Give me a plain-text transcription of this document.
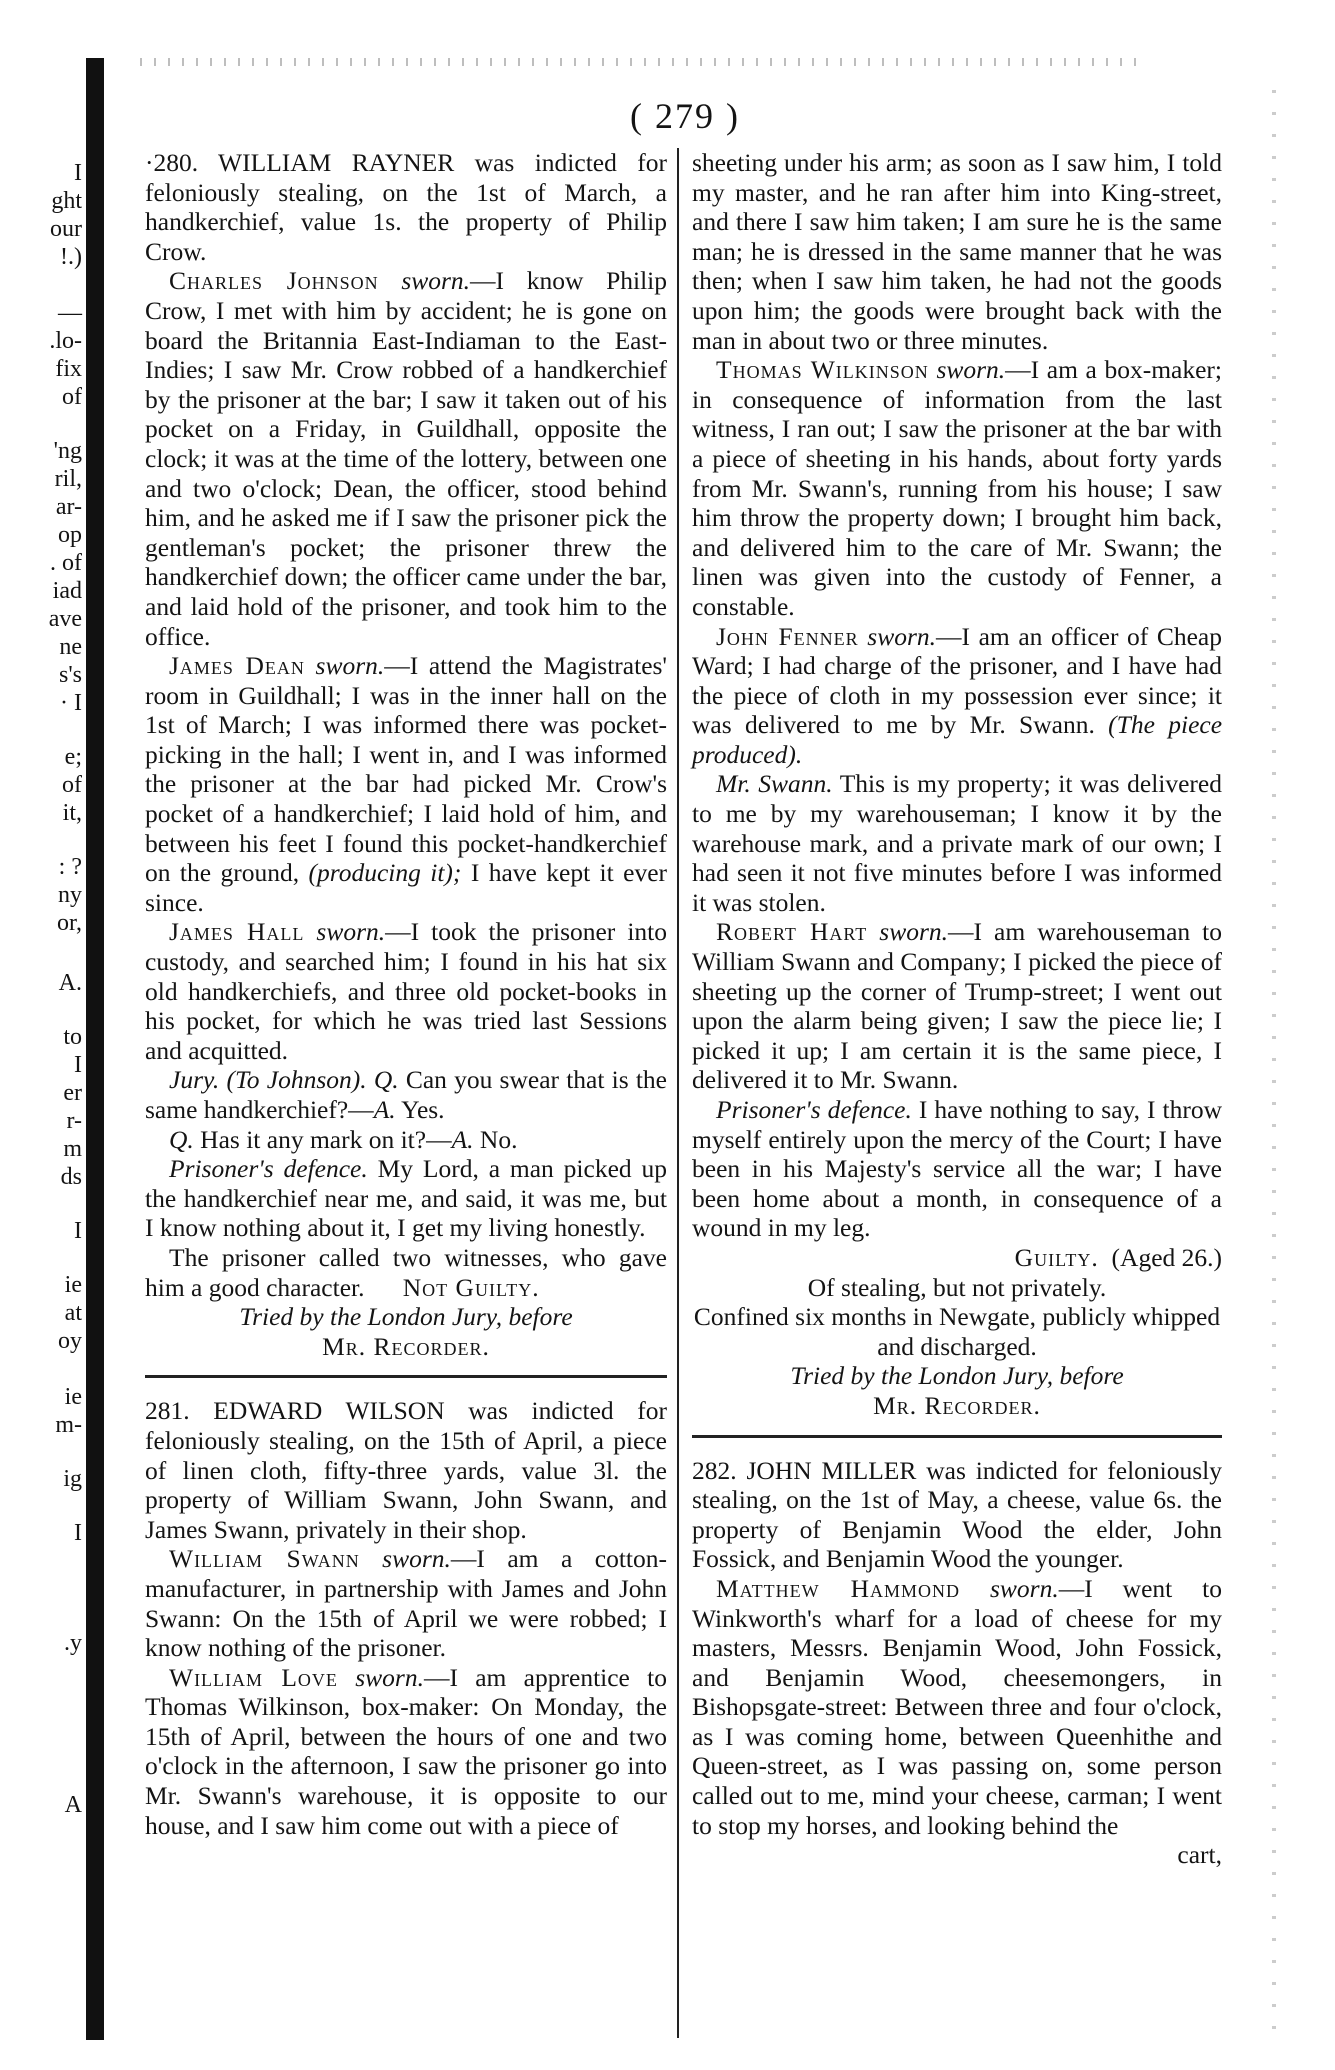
I
ght
our
!.)
—
.lo-
fix
of
'ng
ril,
ar-
op
. of
iad
ave
ne
s's
· I
e;
of
it,
: ?
ny
or,
A.
to
I
er
r-
m
ds
I
ie
at
oy
ie
m-
ig
I
.y
A
( 279 )

·280. WILLIAM RAYNER was indicted for feloniously stealing, on the 1st of March, a handkerchief, value 1s. the property of Philip Crow.

Charles Johnson sworn.—I know Philip Crow, I met with him by accident; he is gone on board the Britannia East-Indiaman to the East-Indies; I saw Mr. Crow robbed of a handkerchief by the prisoner at the bar; I saw it taken out of his pocket on a Friday, in Guildhall, opposite the clock; it was at the time of the lottery, between one and two o'clock; Dean, the officer, stood behind him, and he asked me if I saw the prisoner pick the gentleman's pocket; the prisoner threw the handkerchief down; the officer came under the bar, and laid hold of the prisoner, and took him to the office.

James Dean sworn.—I attend the Magistrates' room in Guildhall; I was in the inner hall on the 1st of March; I was informed there was pocket-picking in the hall; I went in, and I was informed the prisoner at the bar had picked Mr. Crow's pocket of a handkerchief; I laid hold of him, and between his feet I found this pocket-handkerchief on the ground, (producing it); I have kept it ever since.

James Hall sworn.—I took the prisoner into custody, and searched him; I found in his hat six old handkerchiefs, and three old pocket-books in his pocket, for which he was tried last Sessions and acquitted.

Jury. (To Johnson). Q. Can you swear that is the same handkerchief?—A. Yes.

Q. Has it any mark on it?—A. No.

Prisoner's defence. My Lord, a man picked up the handkerchief near me, and said, it was me, but I know nothing about it, I get my living honestly.

The prisoner called two witnesses, who gave him a good character. Not Guilty.

Tried by the London Jury, before

Mr. Recorder.

281. EDWARD WILSON was indicted for feloniously stealing, on the 15th of April, a piece of linen cloth, fifty-three yards, value 3l. the property of William Swann, John Swann, and James Swann, privately in their shop.

William Swann sworn.—I am a cotton-manufacturer, in partnership with James and John Swann: On the 15th of April we were robbed; I know nothing of the prisoner.

William Love sworn.—I am apprentice to Thomas Wilkinson, box-maker: On Monday, the 15th of April, between the hours of one and two o'clock in the afternoon, I saw the prisoner go into Mr. Swann's warehouse, it is opposite to our house, and I saw him come out with a piece of

sheeting under his arm; as soon as I saw him, I told my master, and he ran after him into King-street, and there I saw him taken; I am sure he is the same man; he is dressed in the same manner that he was then; when I saw him taken, he had not the goods upon him; the goods were brought back with the man in about two or three minutes.

Thomas Wilkinson sworn.—I am a box-maker; in consequence of information from the last witness, I ran out; I saw the prisoner at the bar with a piece of sheeting in his hands, about forty yards from Mr. Swann's, running from his house; I saw him throw the property down; I brought him back, and delivered him to the care of Mr. Swann; the linen was given into the custody of Fenner, a constable.

John Fenner sworn.—I am an officer of Cheap Ward; I had charge of the prisoner, and I have had the piece of cloth in my possession ever since; it was delivered to me by Mr. Swann. (The piece produced).

Mr. Swann. This is my property; it was delivered to me by my warehouseman; I know it by the warehouse mark, and a private mark of our own; I had seen it not five minutes before I was informed it was stolen.

Robert Hart sworn.—I am warehouseman to William Swann and Company; I picked the piece of sheeting up the corner of Trump-street; I went out upon the alarm being given; I saw the piece lie; I picked it up; I am certain it is the same piece, I delivered it to Mr. Swann.

Prisoner's defence. I have nothing to say, I throw myself entirely upon the mercy of the Court; I have been in his Majesty's service all the war; I have been home about a month, in consequence of a wound in my leg.

Guilty. (Aged 26.)

Of stealing, but not privately.

Confined six months in Newgate, publicly whipped and discharged.

Tried by the London Jury, before

Mr. Recorder.

282. JOHN MILLER was indicted for feloniously stealing, on the 1st of May, a cheese, value 6s. the property of Benjamin Wood the elder, John Fossick, and Benjamin Wood the younger.

Matthew Hammond sworn.—I went to Winkworth's wharf for a load of cheese for my masters, Messrs. Benjamin Wood, John Fossick, and Benjamin Wood, cheesemongers, in Bishopsgate-street: Between three and four o'clock, as I was coming home, between Queenhithe and Queen-street, as I was passing on, some person called out to me, mind your cheese, carman; I went to stop my horses, and looking behind the

cart,
